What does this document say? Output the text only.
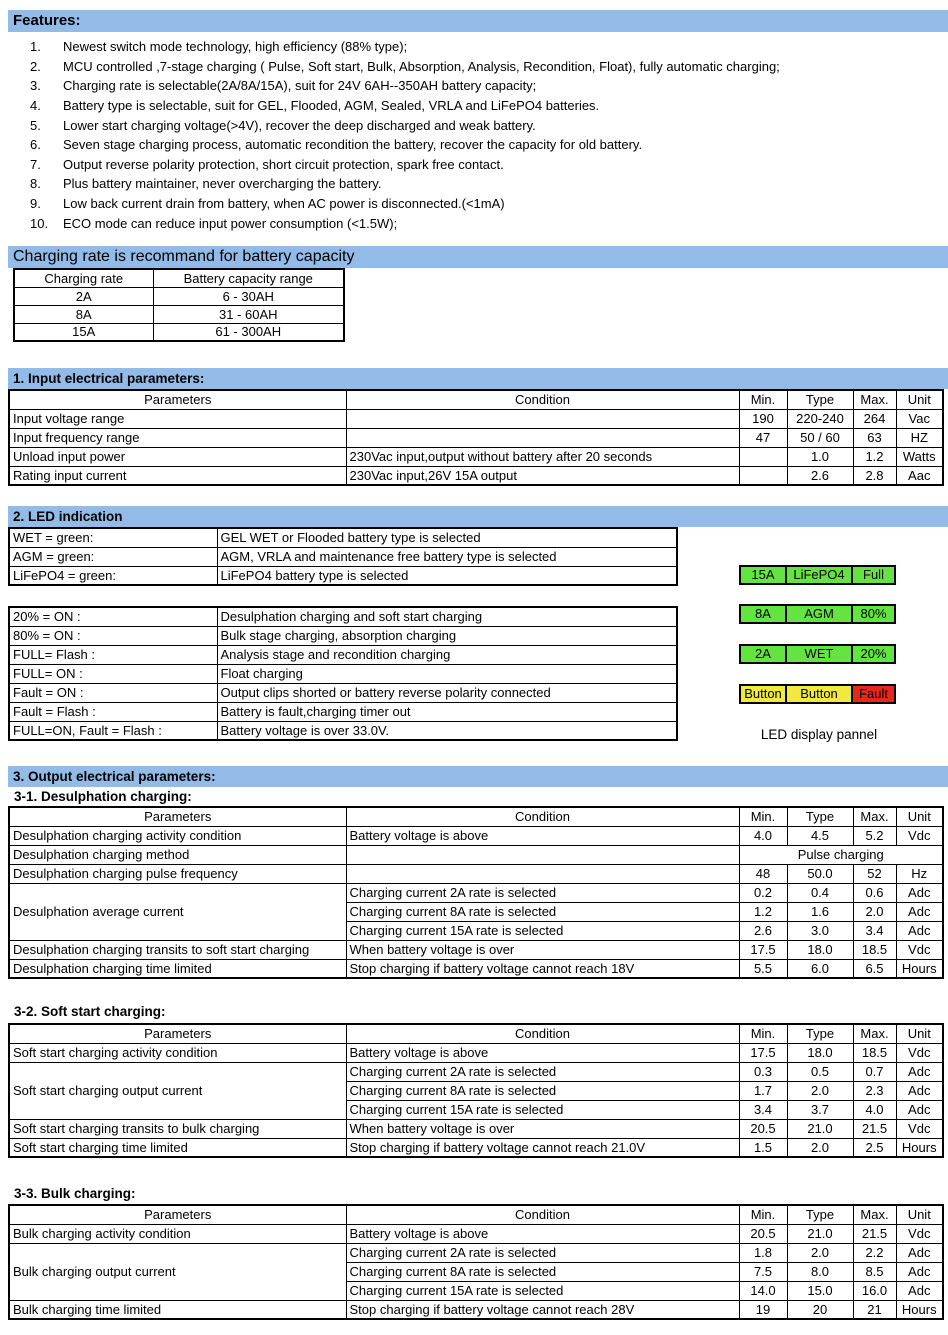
Features:
1.	Newest switch mode technology, high efficiency (88% type);
2.	MCU controlled ,7-stage charging ( Pulse, Soft start, Bulk, Absorption, Analysis, Recondition, Float), fully automatic charging;
3.	Charging rate is selectable(2A/8A/15A), suit for 24V 6AH--350AH battery capacity;
4.	Battery type is selectable, suit for GEL, Flooded, AGM, Sealed, VRLA and LiFePO4 batteries.
5.	Lower start charging voltage(>4V), recover the deep discharged and weak battery.
6.	Seven stage charging process, automatic recondition the battery, recover the capacity for old battery.
7.	Output reverse polarity protection, short circuit protection, spark free contact.
8.	Plus battery maintainer, never overcharging the battery.
9.	Low back current drain from battery, when AC power is disconnected.(<1mA)
10.	ECO mode can reduce input power consumption (<1.5W);
Charging rate is recommand for battery capacity
Charging rate	Battery capacity range
2A	6 - 30AH
8A	31 - 60AH
15A	61 - 300AH
1. Input electrical parameters:
Parameters	Condition	Min.	Type	Max.	Unit
Input voltage range		190	220-240	264	Vac
Input frequency range		47	50 / 60	63	HZ
Unload input power	230Vac input,output without battery after 20 seconds		1.0	1.2	Watts
Rating input current	230Vac input,26V 15A output		2.6	2.8	Aac
2. LED indication
WET = green:	GEL WET or Flooded battery type is selected
AGM = green:	AGM, VRLA and maintenance free battery type is selected
LiFePO4 = green:	LiFePO4 battery type is selected
20% = ON :	Desulphation charging and soft start charging
80% = ON :	Bulk stage charging, absorption charging
FULL= Flash :	Analysis stage and recondition charging
FULL= ON :	Float charging
Fault = ON :	Output clips shorted or battery reverse polarity connected
Fault = Flash :	Battery is fault,charging timer out
FULL=ON, Fault = Flash :	Battery voltage is over 33.0V.
15A	LiFePO4	Full
8A	AGM	80%
2A	WET	20%
Button	Button	Fault
LED display pannel
3. Output electrical parameters:
3-1. Desulphation charging:
Parameters	Condition	Min.	Type	Max.	Unit
Desulphation charging activity condition	Battery voltage is above	4.0	4.5	5.2	Vdc
Desulphation charging method		Pulse charging			
Desulphation charging pulse frequency		48	50.0	52	Hz
Desulphation average current	Charging current 2A rate is selected	0.2	0.4	0.6	Adc
	Charging current 8A rate is selected	1.2	1.6	2.0	Adc
	Charging current 15A rate is selected	2.6	3.0	3.4	Adc
Desulphation charging transits to soft start charging	When battery voltage is over	17.5	18.0	18.5	Vdc
Desulphation charging time limited	Stop charging if battery voltage cannot reach 18V	5.5	6.0	6.5	Hours
3-2. Soft start charging:
Parameters	Condition	Min.	Type	Max.	Unit
Soft start charging activity condition	Battery voltage is above	17.5	18.0	18.5	Vdc
Soft start charging output current	Charging current 2A rate is selected	0.3	0.5	0.7	Adc
	Charging current 8A rate is selected	1.7	2.0	2.3	Adc
	Charging current 15A rate is selected	3.4	3.7	4.0	Adc
Soft start charging transits to bulk charging	When battery voltage is over	20.5	21.0	21.5	Vdc
Soft start charging time limited	Stop charging if battery voltage cannot reach 21.0V	1.5	2.0	2.5	Hours
3-3. Bulk charging:
Parameters	Condition	Min.	Type	Max.	Unit
Bulk charging activity condition	Battery voltage is above	20.5	21.0	21.5	Vdc
Bulk charging output current	Charging current 2A rate is selected	1.8	2.0	2.2	Adc
	Charging current 8A rate is selected	7.5	8.0	8.5	Adc
	Charging current 15A rate is selected	14.0	15.0	16.0	Adc
Bulk charging time limited	Stop charging if battery voltage cannot reach 28V	19	20	21	Hours
